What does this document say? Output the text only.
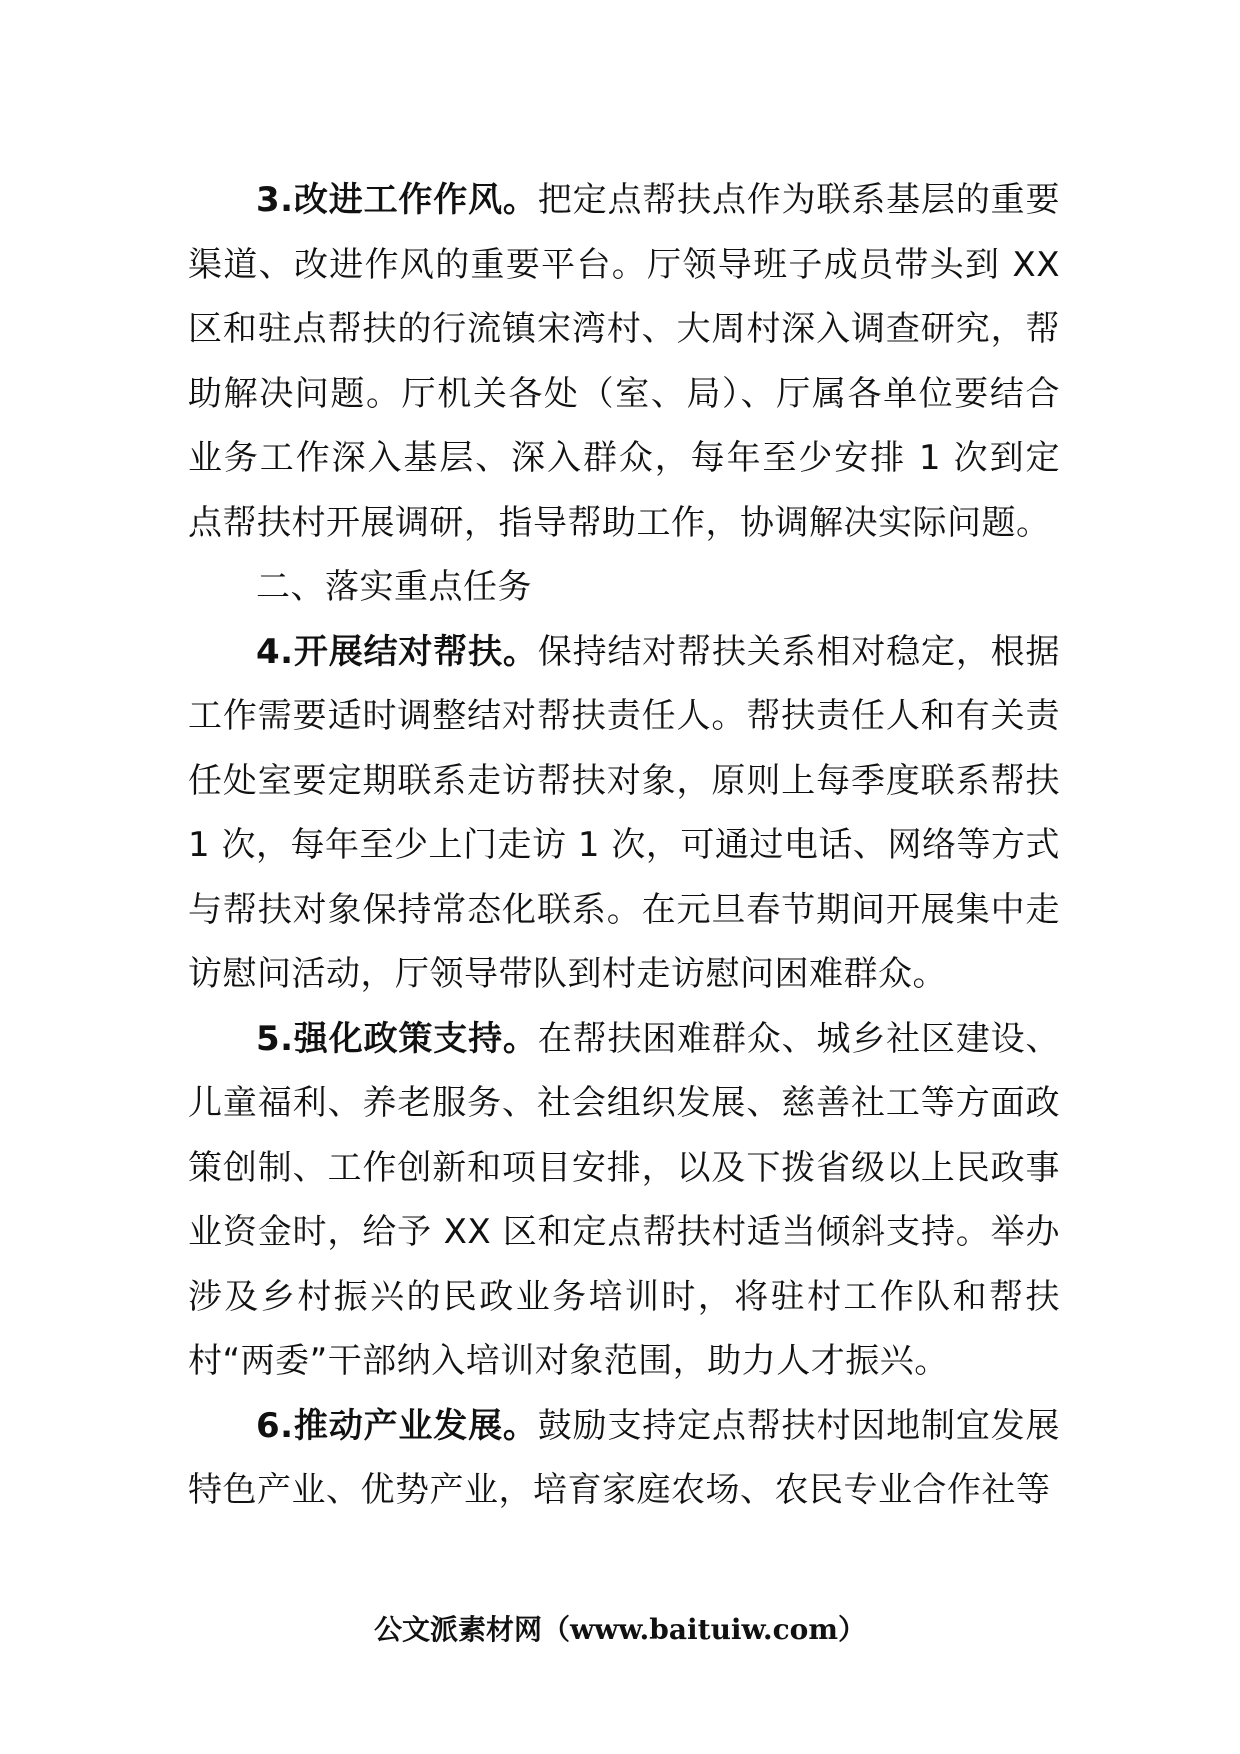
3.改进工作作风。把定点帮扶点作为联系基层的重要渠道、改进作风的重要平台。厅领导班子成员带头到 XX 区和驻点帮扶的行流镇宋湾村、大周村深入调查研究，帮助解决问题。厅机关各处（室、局）、厅属各单位要结合业务工作深入基层、深入群众，每年至少安排 1 次到定点帮扶村开展调研，指导帮助工作，协调解决实际问题。

二、落实重点任务

4.开展结对帮扶。保持结对帮扶关系相对稳定，根据工作需要适时调整结对帮扶责任人。帮扶责任人和有关责任处室要定期联系走访帮扶对象，原则上每季度联系帮扶 1 次，每年至少上门走访 1 次，可通过电话、网络等方式与帮扶对象保持常态化联系。在元旦春节期间开展集中走访慰问活动，厅领导带队到村走访慰问困难群众。

5.强化政策支持。在帮扶困难群众、城乡社区建设、儿童福利、养老服务、社会组织发展、慈善社工等方面政策创制、工作创新和项目安排，以及下拨省级以上民政事业资金时，给予 XX 区和定点帮扶村适当倾斜支持。举办涉及乡村振兴的民政业务培训时，将驻村工作队和帮扶村“两委”干部纳入培训对象范围，助力人才振兴。

6.推动产业发展。鼓励支持定点帮扶村因地制宜发展特色产业、优势产业，培育家庭农场、农民专业合作社等

公文派素材网（www.baituiw.com）
